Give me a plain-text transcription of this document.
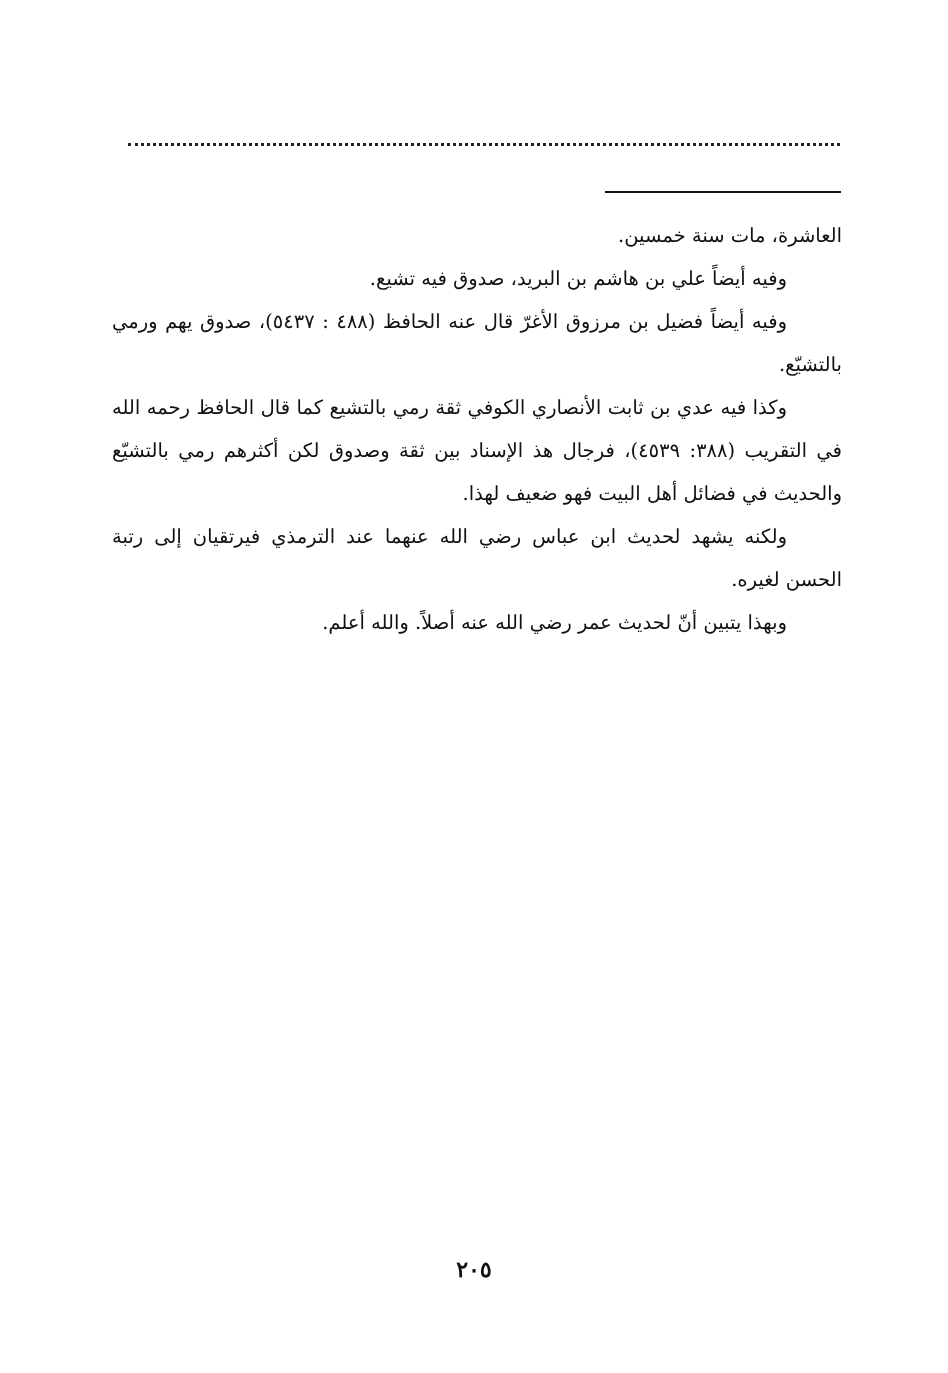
العاشرة، مات سنة خمسين.

وفيه أيضاً علي بن هاشم بن البريد، صدوق فيه تشيع.

وفيه أيضاً فضيل بن مرزوق الأغرّ قال عنه الحافظ (٤٨٨ : ٥٤٣٧)، صدوق يهم ورمي بالتشيّع.

وكذا فيه عدي بن ثابت الأنصاري الكوفي ثقة رمي بالتشيع كما قال الحافظ رحمه الله في التقريب (٣٨٨: ٤٥٣٩)، فرجال هذ الإسناد بين ثقة وصدوق لكن أكثرهم رمي بالتشيّع والحديث في فضائل أهل البيت فهو ضعيف لهذا.

ولكنه يشهد لحديث ابن عباس رضي الله عنهما عند الترمذي فيرتقيان إلى رتبة الحسن لغيره.

وبهذا يتبين أنّ لحديث عمر رضي الله عنه أصلاً. والله أعلم.

٢٠٥
